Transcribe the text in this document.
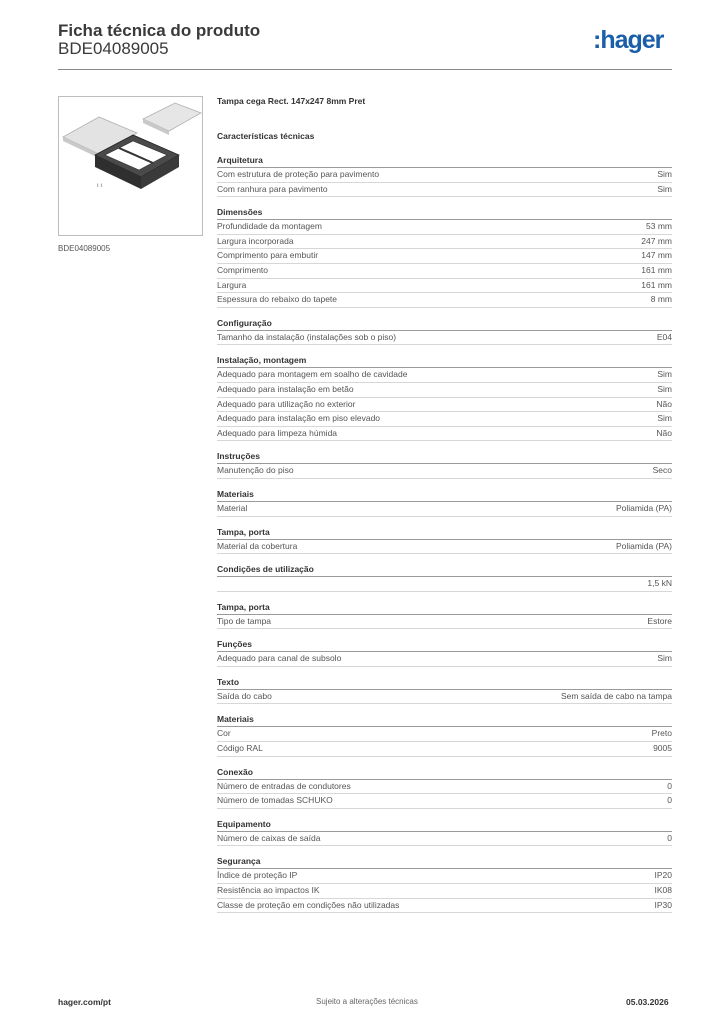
Ficha técnica do produto
BDE04089005	:hager
ı ı
BDE04089005
Tampa cega Rect. 147x247 8mm Pret
Características técnicas
Arquitetura
Com estrutura de proteção para pavimento	Sim
Com ranhura para pavimento	Sim
Dimensões
Profundidade da montagem	53 mm
Largura incorporada	247 mm
Comprimento para embutir	147 mm
Comprimento	161 mm
Largura	161 mm
Espessura do rebaixo do tapete	8 mm
Configuração
Tamanho da instalação (instalações sob o piso)	E04
Instalação, montagem
Adequado para montagem em soalho de cavidade	Sim
Adequado para instalação em betão	Sim
Adequado para utilização no exterior	Não
Adequado para instalação em piso elevado	Sim
Adequado para limpeza húmida	Não
Instruções
Manutenção do piso	Seco
Materiais
Material	Poliamida (PA)
Tampa, porta
Material da cobertura	Poliamida (PA)
Condições de utilização
1,5 kN
Tampa, porta
Tipo de tampa	Estore
Funções
Adequado para canal de subsolo	Sim
Texto
Saída do cabo	Sem saída de cabo na tampa
Materiais
Cor	Preto
Código RAL	9005
Conexão
Número de entradas de condutores	0
Número de tomadas SCHUKO	0
Equipamento
Número de caixas de saída	0
Segurança
Índice de proteção IP	IP20
Resistência ao impactos IK	IK08
Classe de proteção em condições não utilizadas	IP30
hager.com/pt	Sujeito a alterações técnicas	05.03.2026
